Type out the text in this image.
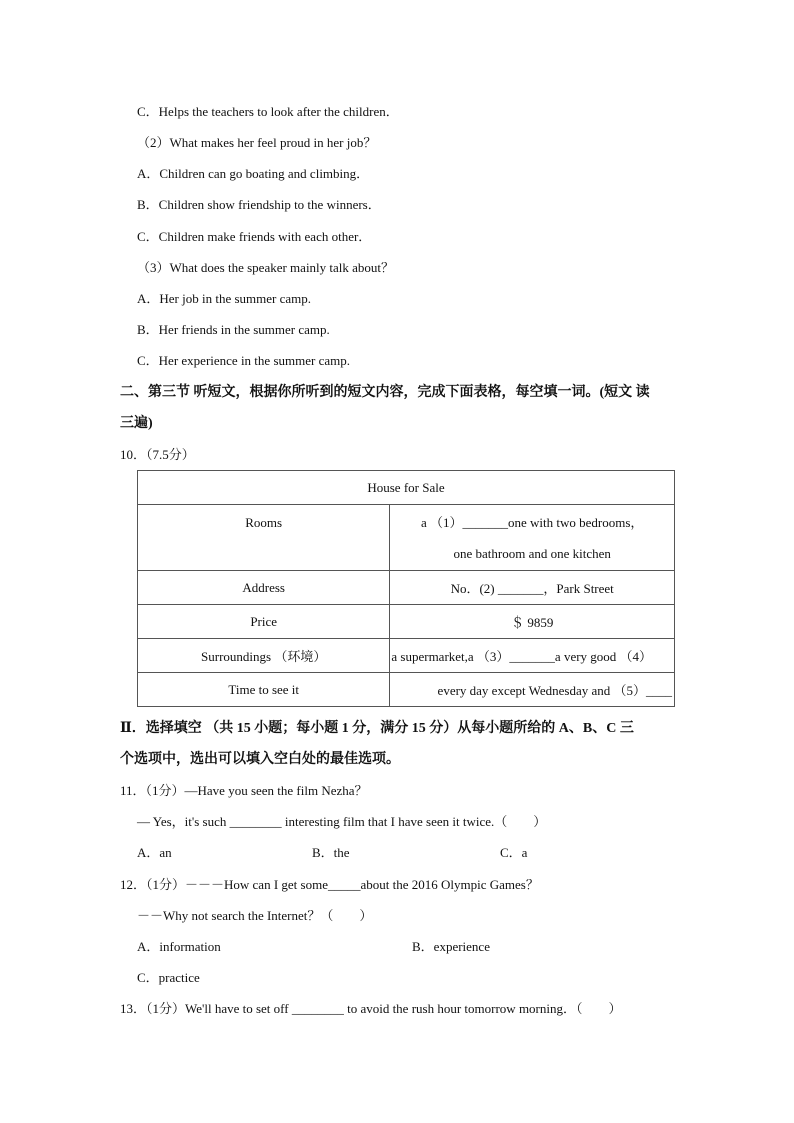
C．Helps the teachers to look after the children．
（2）What makes her feel proud in her job？
A．Children can go boating and climbing．
B．Children show friendship to the winners．
C．Children make friends with each other．
（3）What does the speaker mainly talk about？
A．Her job in the summer camp.
B．Her friends in the summer camp.
C．Her experience in the summer camp.
二、第三节 听短文，根据你所听到的短文内容，完成下面表格，每空填一词。(短文 读
三遍)
10．（7.5分）
House for Sale	
Rooms	a （1）_______one with two bedrooms，
one bathroom and one kitchen

Address	No．(2) _______，Park Street
Price	＄ 9859
Surroundings （环境）	a supermarket,a （3）_______a very good （4）
Time to see it	every day except Wednesday and （5）____
Ⅱ．选择填空 （共 15 小题；每小题 1 分，满分 15 分）从每小题所给的 A、B、C 三
个选项中，选出可以填入空白处的最佳选项。
11．（1分）—Have you seen the film Nezha？
— Yes，it's such ________ interesting film that I have seen it twice.（　　）
A．an	B．the	C．a
12．（1分）－－－How can I get some_____about the 2016 Olympic Games？
－－Why not search the Internet？（　　）
A．information	B．experience
C．practice
13．（1分）We'll have to set off ________ to avoid the rush hour tomorrow morning．（　　）
